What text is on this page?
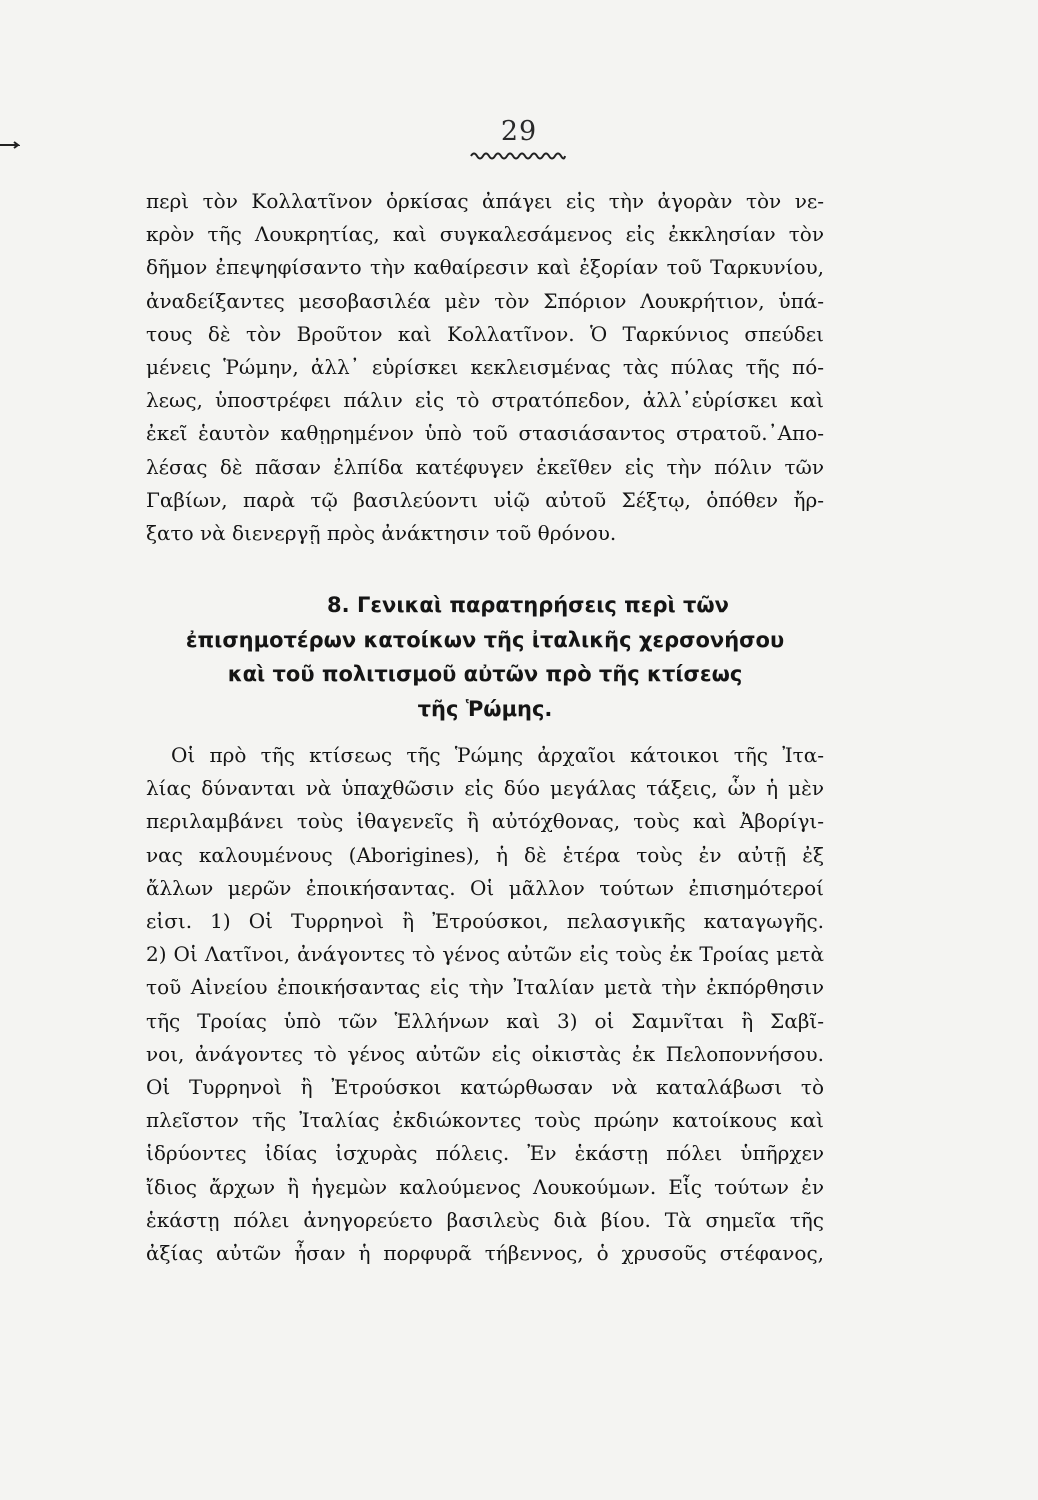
29

περὶ τὸν Κολλατῖνον ὁρκίσας ἀπάγει εἰς τὴν ἀγορὰν τὸν νε-
κρὸν τῆς Λουκρητίας, καὶ συγκαλεσάμενος εἰς ἐκκλησίαν τὸν
δῆμον ἐπεψηφίσαντο τὴν καθαίρεσιν καὶ ἐξορίαν τοῦ Ταρκυνίου,
ἀναδείξαντες μεσοβασιλέα μὲν τὸν Σπόριον Λουκρήτιον, ὑπά-
τους δὲ τὸν Βροῦτον καὶ Κολλατῖνον. Ὁ Ταρκύνιος σπεύδει
μένεις Ῥώμην, ἀλλ᾽ εὑρίσκει κεκλεισμένας τὰς πύλας τῆς πό-
λεως, ὑποστρέφει πάλιν εἰς τὸ στρατόπεδον, ἀλλ᾽εὑρίσκει καὶ
ἐκεῖ ἑαυτὸν καθῃρημένον ὑπὸ τοῦ στασιάσαντος στρατοῦ.᾽Απο-
λέσας δὲ πᾶσαν ἐλπίδα κατέφυγεν ἐκεῖθεν εἰς τὴν πόλιν τῶν
Γαβίων, παρὰ τῷ βασιλεύοντι υἱῷ αὐτοῦ Σέξτῳ, ὁπόθεν ἤρ-
ξατο νὰ διενεργῇ πρὸς ἀνάκτησιν τοῦ θρόνου.

8. Γενικαὶ παρατηρήσεις περὶ τῶν
ἐπισημοτέρων κατοίκων τῆς ἰταλικῆς χερσονήσου
καὶ τοῦ πολιτισμοῦ αὐτῶν πρὸ τῆς κτίσεως
τῆς Ῥώμης.

Οἱ πρὸ τῆς κτίσεως τῆς Ῥώμης ἀρχαῖοι κάτοικοι τῆς Ἰτα-
λίας δύνανται νὰ ὑπαχθῶσιν εἰς δύο μεγάλας τάξεις, ὧν ἡ μὲν
περιλαμβάνει τοὺς ἰθαγενεῖς ἢ αὐτόχθονας, τοὺς καὶ Ἀβορίγι-
νας καλουμένους (Aborigines), ἡ δὲ ἑτέρα τοὺς ἐν αὐτῇ ἐξ
ἄλλων μερῶν ἐποικήσαντας. Οἱ μᾶλλον τούτων ἐπισημότεροί
εἰσι. 1) Οἱ Τυρρηνοὶ ἢ Ἐτρούσκοι, πελασγικῆς καταγωγῆς.
2) Οἱ Λατῖνοι, ἀνάγοντες τὸ γένος αὐτῶν εἰς τοὺς ἐκ Τροίας μετὰ
τοῦ Αἰνείου ἐποικήσαντας εἰς τὴν Ἰταλίαν μετὰ τὴν ἐκπόρθησιν
τῆς Τροίας ὑπὸ τῶν Ἑλλήνων καὶ 3) οἱ Σαμνῖται ἢ Σαβῖ-
νοι, ἀνάγοντες τὸ γένος αὐτῶν εἰς οἰκιστὰς ἐκ Πελοποννήσου.
Οἱ Τυρρηνοὶ ἢ Ἐτρούσκοι κατώρθωσαν νὰ καταλάβωσι τὸ
πλεῖστον τῆς Ἰταλίας ἐκδιώκοντες τοὺς πρώην κατοίκους καὶ
ἱδρύοντες ἰδίας ἰσχυρὰς πόλεις. Ἐν ἑκάστῃ πόλει ὑπῆρχεν
ἴδιος ἄρχων ἢ ἡγεμὼν καλούμενος Λουκούμων. Εἷς τούτων ἐν
ἑκάστῃ πόλει ἀνηγορεύετο βασιλεὺς διὰ βίου. Τὰ σημεῖα τῆς
ἀξίας αὐτῶν ἦσαν ἡ πορφυρᾶ τήβεννος, ὁ χρυσοῦς στέφανος,
